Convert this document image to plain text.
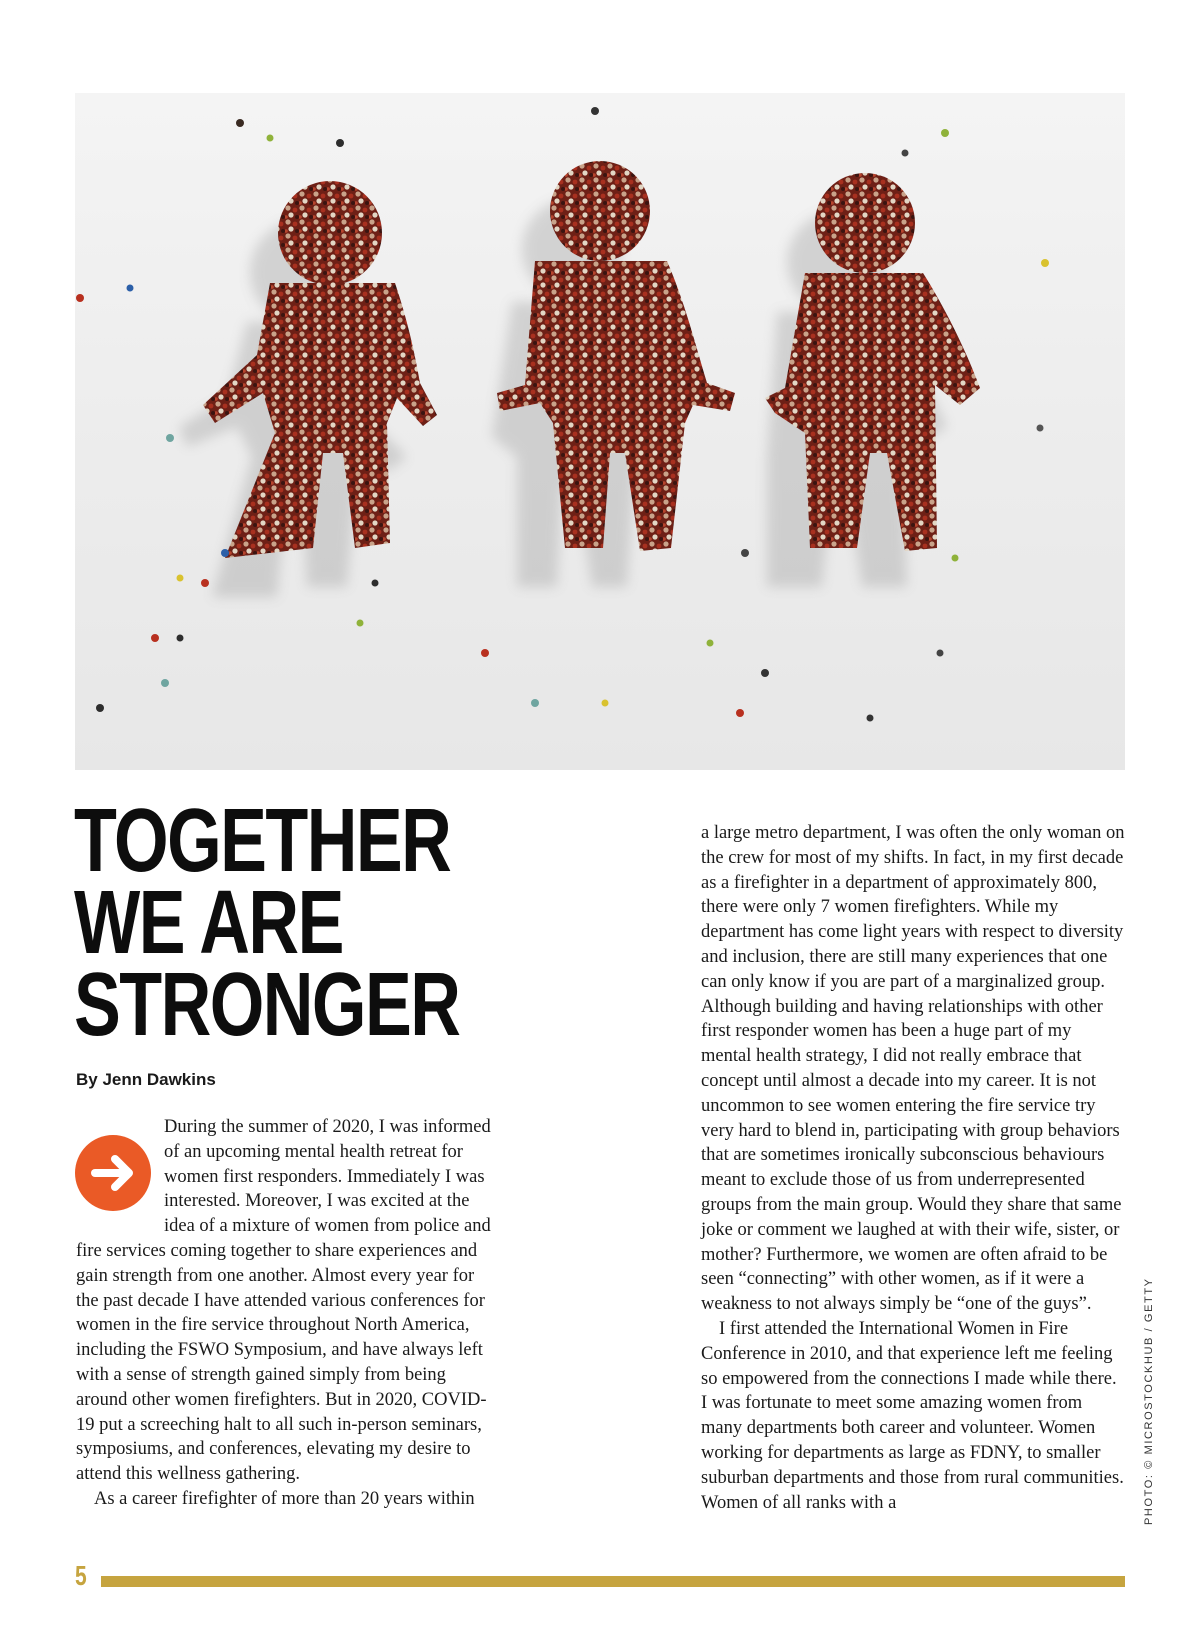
TOGETHER
WE ARE
STRONGER
By Jenn Dawkins

During the summer of 2020, I was informed of an upcoming mental health retreat for women first responders. Immediately I was interested. Moreover, I was excited at the idea of a mixture of women from police and fire services coming together to share experiences and gain strength from one another. Almost every year for the past decade I have attended various conferences for women in the fire service throughout North America, including the FSWO Symposium, and have always left with a sense of strength gained simply from being around other women firefighters. But in 2020, COVID-19 put a screeching halt to all such in-person seminars, symposiums, and conferences, elevating my desire to attend this wellness gathering.

As a career firefighter of more than 20 years within

a large metro department, I was often the only woman on the crew for most of my shifts. In fact, in my first decade as a firefighter in a department of approximately 800, there were only 7 women firefighters. While my department has come light years with respect to diversity and inclusion, there are still many experiences that one can only know if you are part of a marginalized group. Although building and having relationships with other first responder women has been a huge part of my mental health strategy, I did not really embrace that concept until almost a decade into my career. It is not uncommon to see women entering the fire service try very hard to blend in, participating with group behaviors that are sometimes ironically subconscious behaviours meant to exclude those of us from underrepresented groups from the main group. Would they share that same joke or comment we laughed at with their wife, sister, or mother? Furthermore, we women are often afraid to be seen “connecting” with other women, as if it were a weakness to not always simply be “one of the guys”.

I first attended the International Women in Fire Conference in 2010, and that experience left me feeling so empowered from the connections I made while there. I was fortunate to meet some amazing women from many departments both career and volunteer. Women working for departments as large as FDNY, to smaller suburban departments and those from rural communities. Women of all ranks with a	PHOTO: © MICROSTOCKHUB / GETTY
5
